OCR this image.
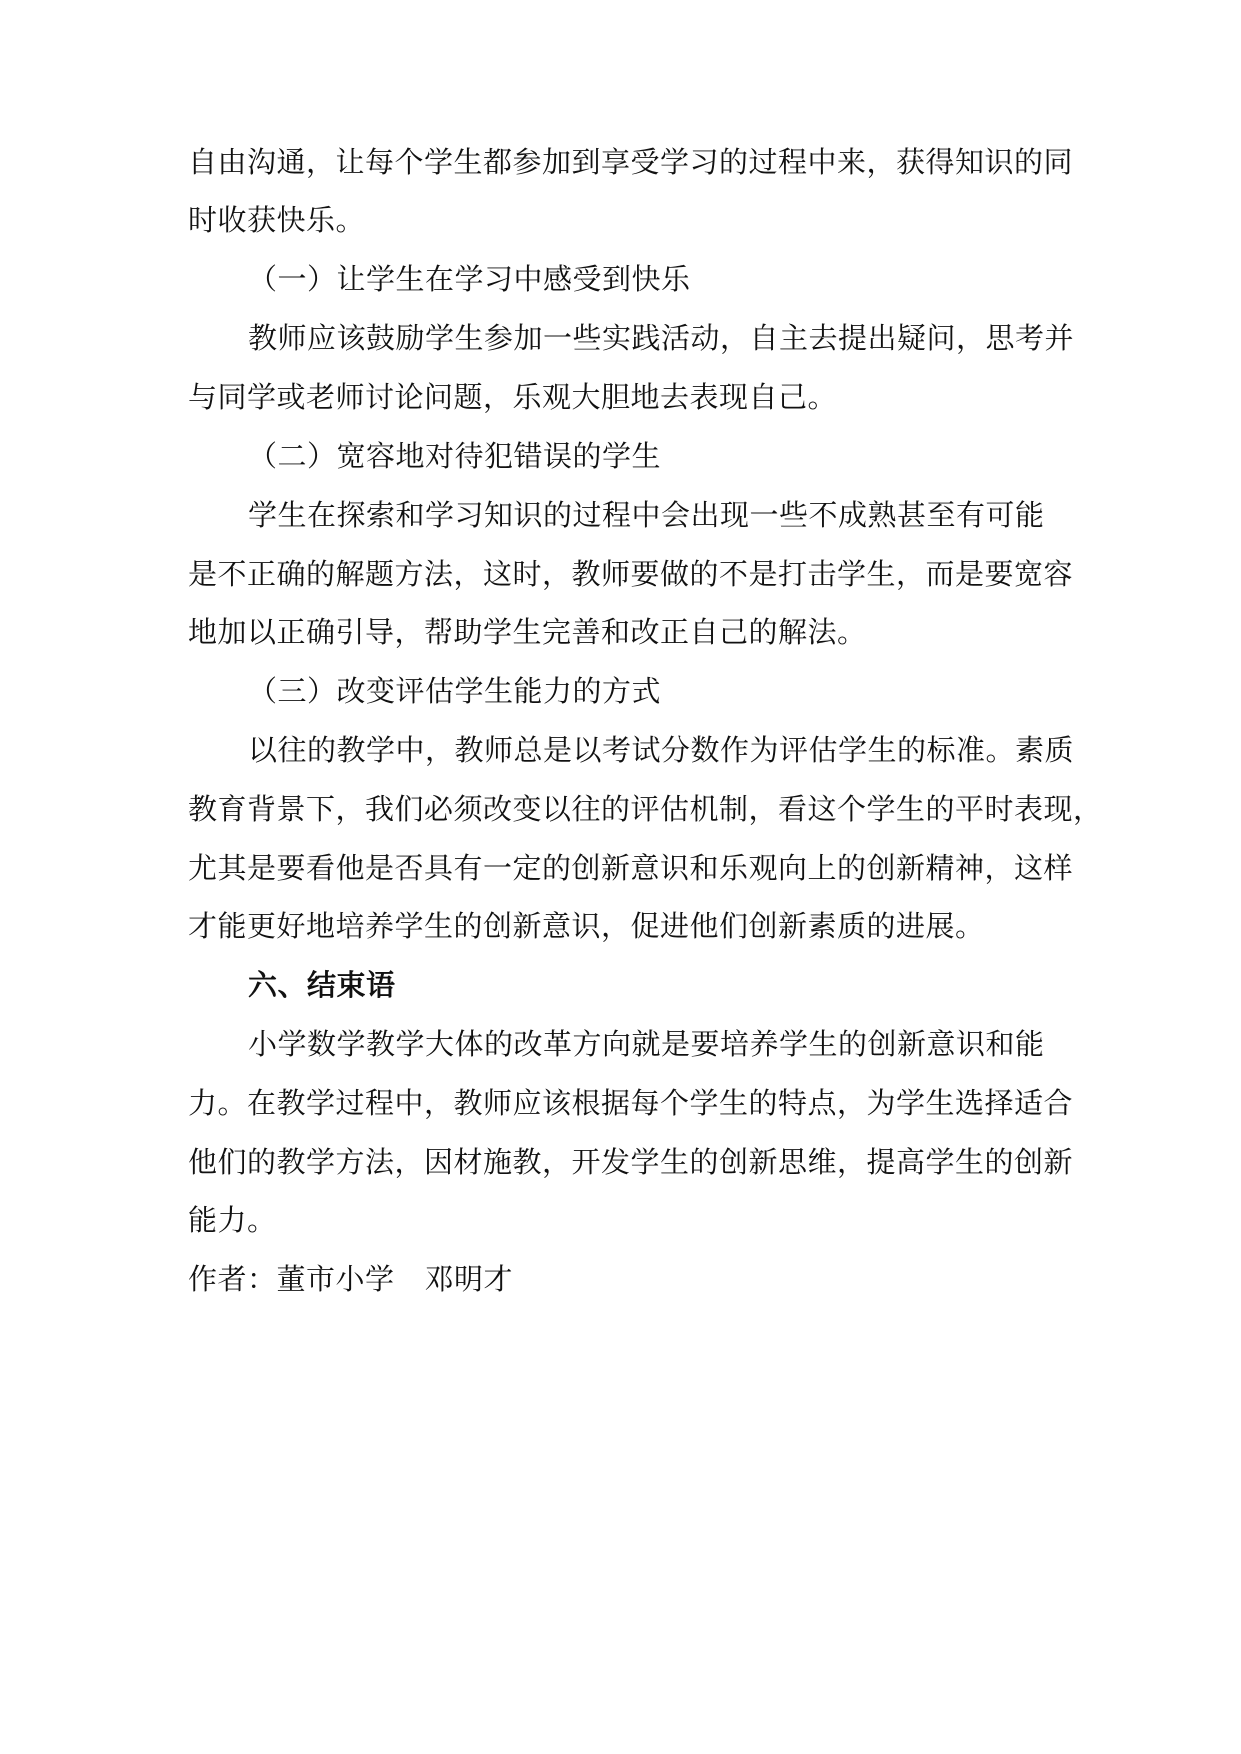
自由沟通，让每个学生都参加到享受学习的过程中来，获得知识的同
时收获快乐。
（一）让学生在学习中感受到快乐
教师应该鼓励学生参加一些实践活动，自主去提出疑问，思考并
与同学或老师讨论问题，乐观大胆地去表现自己。
（二）宽容地对待犯错误的学生
学生在探索和学习知识的过程中会出现一些不成熟甚至有可能
是不正确的解题方法，这时，教师要做的不是打击学生，而是要宽容
地加以正确引导，帮助学生完善和改正自己的解法。
（三）改变评估学生能力的方式
以往的教学中，教师总是以考试分数作为评估学生的标准。素质
教育背景下，我们必须改变以往的评估机制，看这个学生的平时表现，
尤其是要看他是否具有一定的创新意识和乐观向上的创新精神，这样
才能更好地培养学生的创新意识，促进他们创新素质的进展。
六、结束语
小学数学教学大体的改革方向就是要培养学生的创新意识和能
力。在教学过程中，教师应该根据每个学生的特点，为学生选择适合
他们的教学方法，因材施教，开发学生的创新思维，提高学生的创新
能力。
作者：董市小学 邓明才
